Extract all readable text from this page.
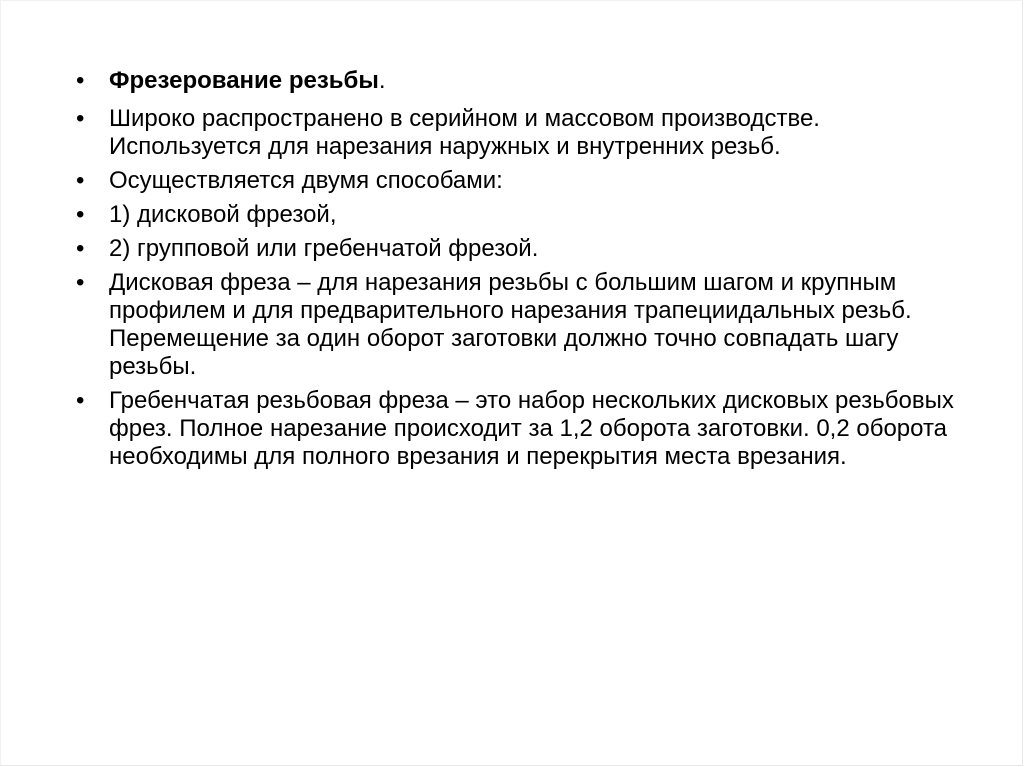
• Фрезерование резьбы.
• Широко распространено в серийном и массовом производстве. Используется для нарезания наружных и внутренних резьб.
• Осуществляется двумя способами:
• 1) дисковой фрезой,
• 2) групповой или гребенчатой фрезой.
• Дисковая фреза – для нарезания резьбы с большим шагом и крупным профилем и для предварительного нарезания трапециидальных резьб. Перемещение за один оборот заготовки должно точно совпадать шагу резьбы.
• Гребенчатая резьбовая фреза – это набор нескольких дисковых резьбовых фрез. Полное нарезание происходит за 1,2 оборота заготовки. 0,2 оборота необходимы для полного врезания и перекрытия места врезания.
